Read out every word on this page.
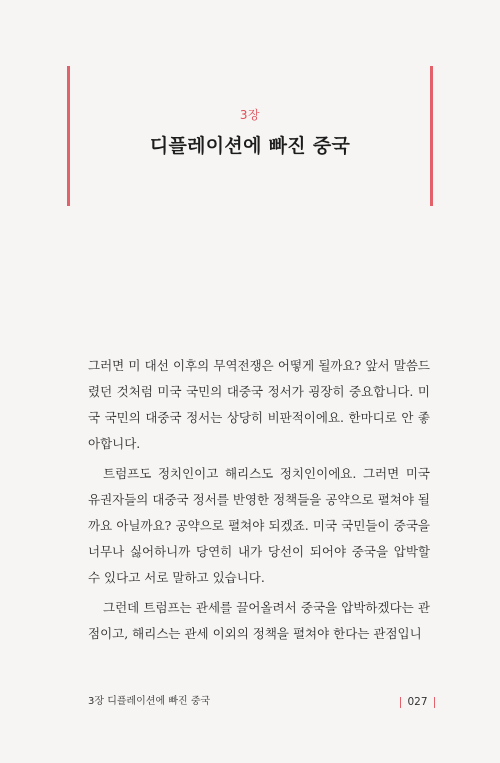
3장
디플레이션에 빠진 중국

그러면 미 대선 이후의 무역전쟁은 어떻게 될까요? 앞서 말씀드렸던 것처럼 미국 국민의 대중국 정서가 굉장히 중요합니다. 미국 국민의 대중국 정서는 상당히 비판적이에요. 한마디로 안 좋아합니다.

트럼프도 정치인이고 해리스도 정치인이에요. 그러면 미국 유권자들의 대중국 정서를 반영한 정책들을 공약으로 펼쳐야 될까요 아닐까요? 공약으로 펼쳐야 되겠죠. 미국 국민들이 중국을 너무나 싫어하니까 당연히 내가 당선이 되어야 중국을 압박할 수 있다고 서로 말하고 있습니다.

그런데 트럼프는 관세를 끌어올려서 중국을 압박하겠다는 관점이고, 해리스는 관세 이외의 정책을 펼쳐야 한다는 관점입니

3장 디플레이션에 빠진 중국	027
